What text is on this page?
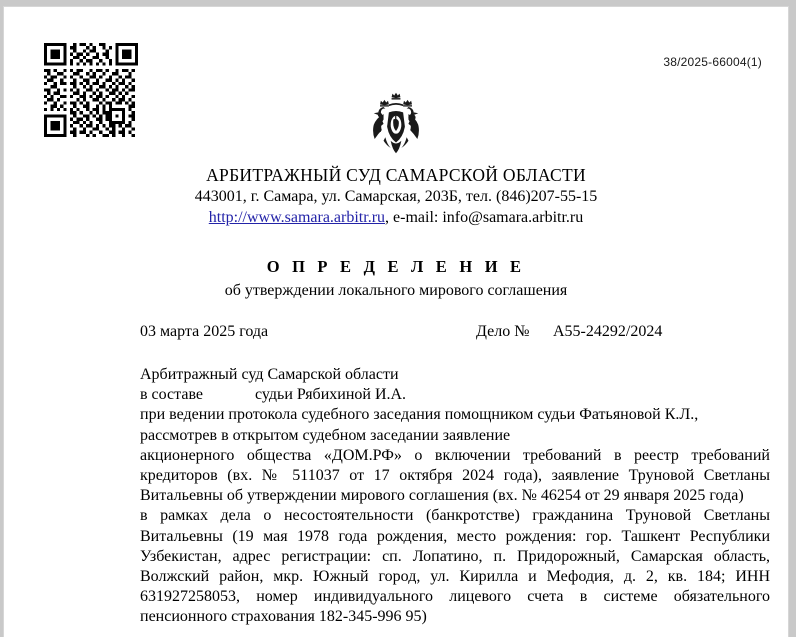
38/2025-66004(1)
АРБИТРАЖНЫЙ СУД САМАРСКОЙ ОБЛАСТИ
443001, г. Самара, ул. Самарская, 203Б, тел. (846)207-55-15
http://www.samara.arbitr.ru, e-mail: info@samara.arbitr.ru
О П Р Е Д Е Л Е Н И Е
об утверждении локального мирового соглашения
03 марта 2025 года	Дело № А55-24292/2024
Арбитражный суд Самарской области
в составе	судьи Рябихиной И.А.
при ведении протокола судебного заседания помощником судьи Фатьяновой К.Л.,
рассмотрев в открытом судебном заседании заявление
акционерного общества «ДОМ.РФ» о включении требований в реестр требований кредиторов (вх. № 511037 от 17 октября 2024 года), заявление Труновой Светланы Витальевны об утверждении мирового соглашения (вх. № 46254 от 29 января 2025 года)
в рамках дела о несостоятельности (банкротстве) гражданина Труновой Светланы Витальевны (19 мая 1978 года рождения, место рождения: гор. Ташкент Республики Узбекистан, адрес регистрации: сп. Лопатино, п. Придорожный, Самарская область, Волжский район, мкр. Южный город, ул. Кирилла и Мефодия, д. 2, кв. 184; ИНН 631927258053, номер индивидуального лицевого счета в системе обязательного пенсионного страхования 182-345-996 95)
